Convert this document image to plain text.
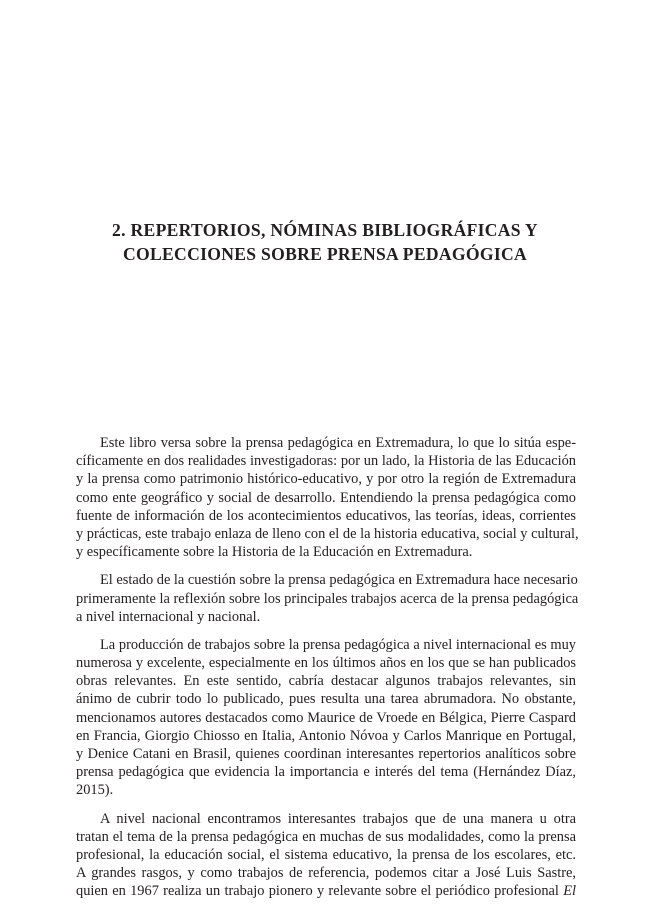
2. REPERTORIOS, NÓMINAS BIBLIOGRÁFICAS Y
COLECCIONES SOBRE PRENSA PEDAGÓGICA
Este libro versa sobre la prensa pedagógica en Extremadura, lo que lo sitúa espe-
cíficamente en dos realidades investigadoras: por un lado, la Historia de las Educación
y la prensa como patrimonio histórico-educativo, y por otro la región de Extremadura
como ente geográfico y social de desarrollo. Entendiendo la prensa pedagógica como
fuente de información de los acontecimientos educativos, las teorías, ideas, corrientes
y prácticas, este trabajo enlaza de lleno con el de la historia educativa, social y cultural,
y específicamente sobre la Historia de la Educación en Extremadura.
El estado de la cuestión sobre la prensa pedagógica en Extremadura hace necesario
primeramente la reflexión sobre los principales trabajos acerca de la prensa pedagógica
a nivel internacional y nacional.
La producción de trabajos sobre la prensa pedagógica a nivel internacional es muy
numerosa y excelente, especialmente en los últimos años en los que se han publicados
obras relevantes. En este sentido, cabría destacar algunos trabajos relevantes, sin
ánimo de cubrir todo lo publicado, pues resulta una tarea abrumadora. No obstante,
mencionamos autores destacados como Maurice de Vroede en Bélgica, Pierre Caspard
en Francia, Giorgio Chiosso en Italia, Antonio Nóvoa y Carlos Manrique en Portugal,
y Denice Catani en Brasil, quienes coordinan interesantes repertorios analíticos sobre
prensa pedagógica que evidencia la importancia e interés del tema (Hernández Díaz,
2015).
A nivel nacional encontramos interesantes trabajos que de una manera u otra
tratan el tema de la prensa pedagógica en muchas de sus modalidades, como la prensa
profesional, la educación social, el sistema educativo, la prensa de los escolares, etc.
A grandes rasgos, y como trabajos de referencia, podemos citar a José Luis Sastre,
quien en 1967 realiza un trabajo pionero y relevante sobre el periódico profesional El
